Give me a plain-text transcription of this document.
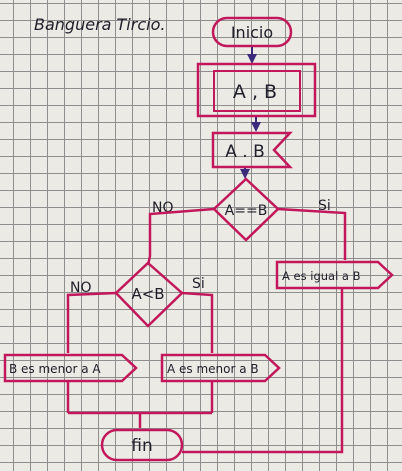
Banguera Tircio.	Inicio
A , B
A . B
A==B
NO	Si
A<B
NO	Si	A es igual a B
B es menor a A	A es menor a B
fin
